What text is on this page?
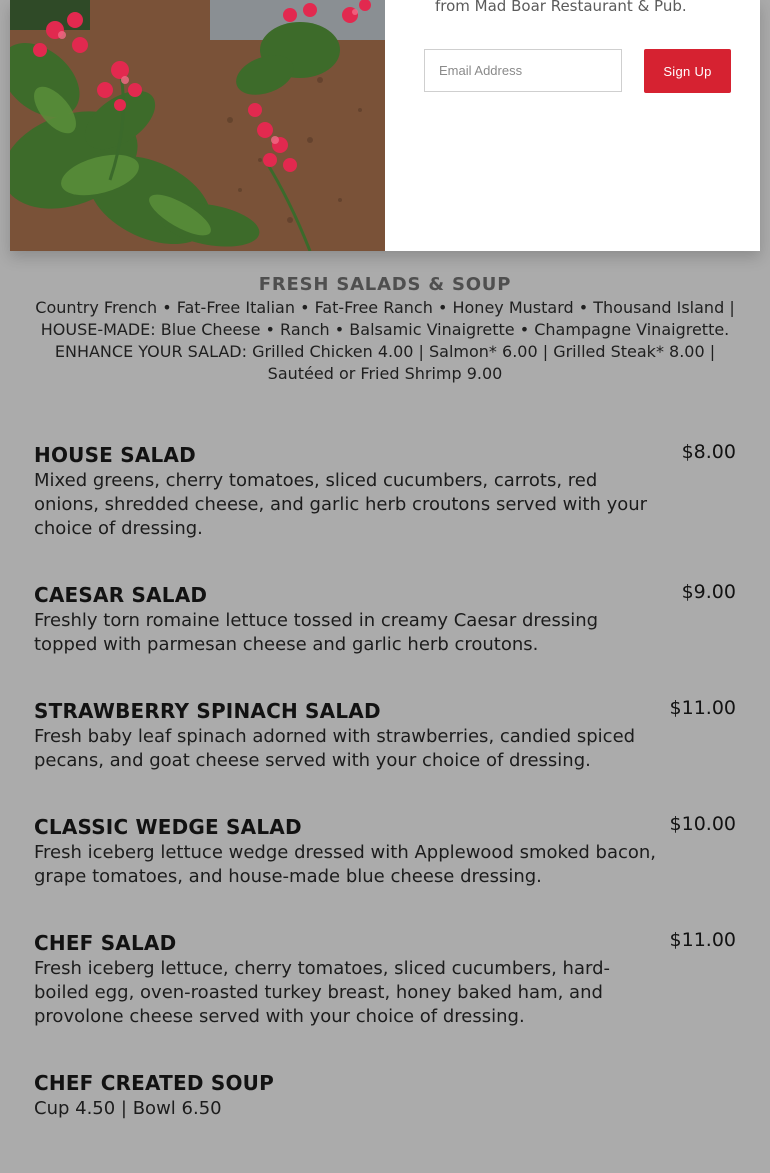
from Mad Boar Restaurant & Pub.
Email Address
Sign Up
FRESH SALADS & SOUP

Country French • Fat-Free Italian • Fat-Free Ranch • Honey Mustard • Thousand Island |

HOUSE-MADE: Blue Cheese • Ranch • Balsamic Vinaigrette • Champagne Vinaigrette.

ENHANCE YOUR SALAD: Grilled Chicken 4.00 | Salmon* 6.00 | Grilled Steak* 8.00 | Sautéed or Fried Shrimp 9.00

HOUSE SALAD	$8.00

Mixed greens, cherry tomatoes, sliced cucumbers, carrots, red onions, shredded cheese, and garlic herb croutons served with your choice of dressing.

CAESAR SALAD	$9.00

Freshly torn romaine lettuce tossed in creamy Caesar dressing topped with parmesan cheese and garlic herb croutons.

STRAWBERRY SPINACH SALAD	$11.00

Fresh baby leaf spinach adorned with strawberries, candied spiced pecans, and goat cheese served with your choice of dressing.

CLASSIC WEDGE SALAD	$10.00

Fresh iceberg lettuce wedge dressed with Applewood smoked bacon, grape tomatoes, and house-made blue cheese dressing.

CHEF SALAD	$11.00

Fresh iceberg lettuce, cherry tomatoes, sliced cucumbers, hard-boiled egg, oven-roasted turkey breast, honey baked ham, and provolone cheese served with your choice of dressing.

CHEF CREATED SOUP

Cup 4.50 | Bowl 6.50
